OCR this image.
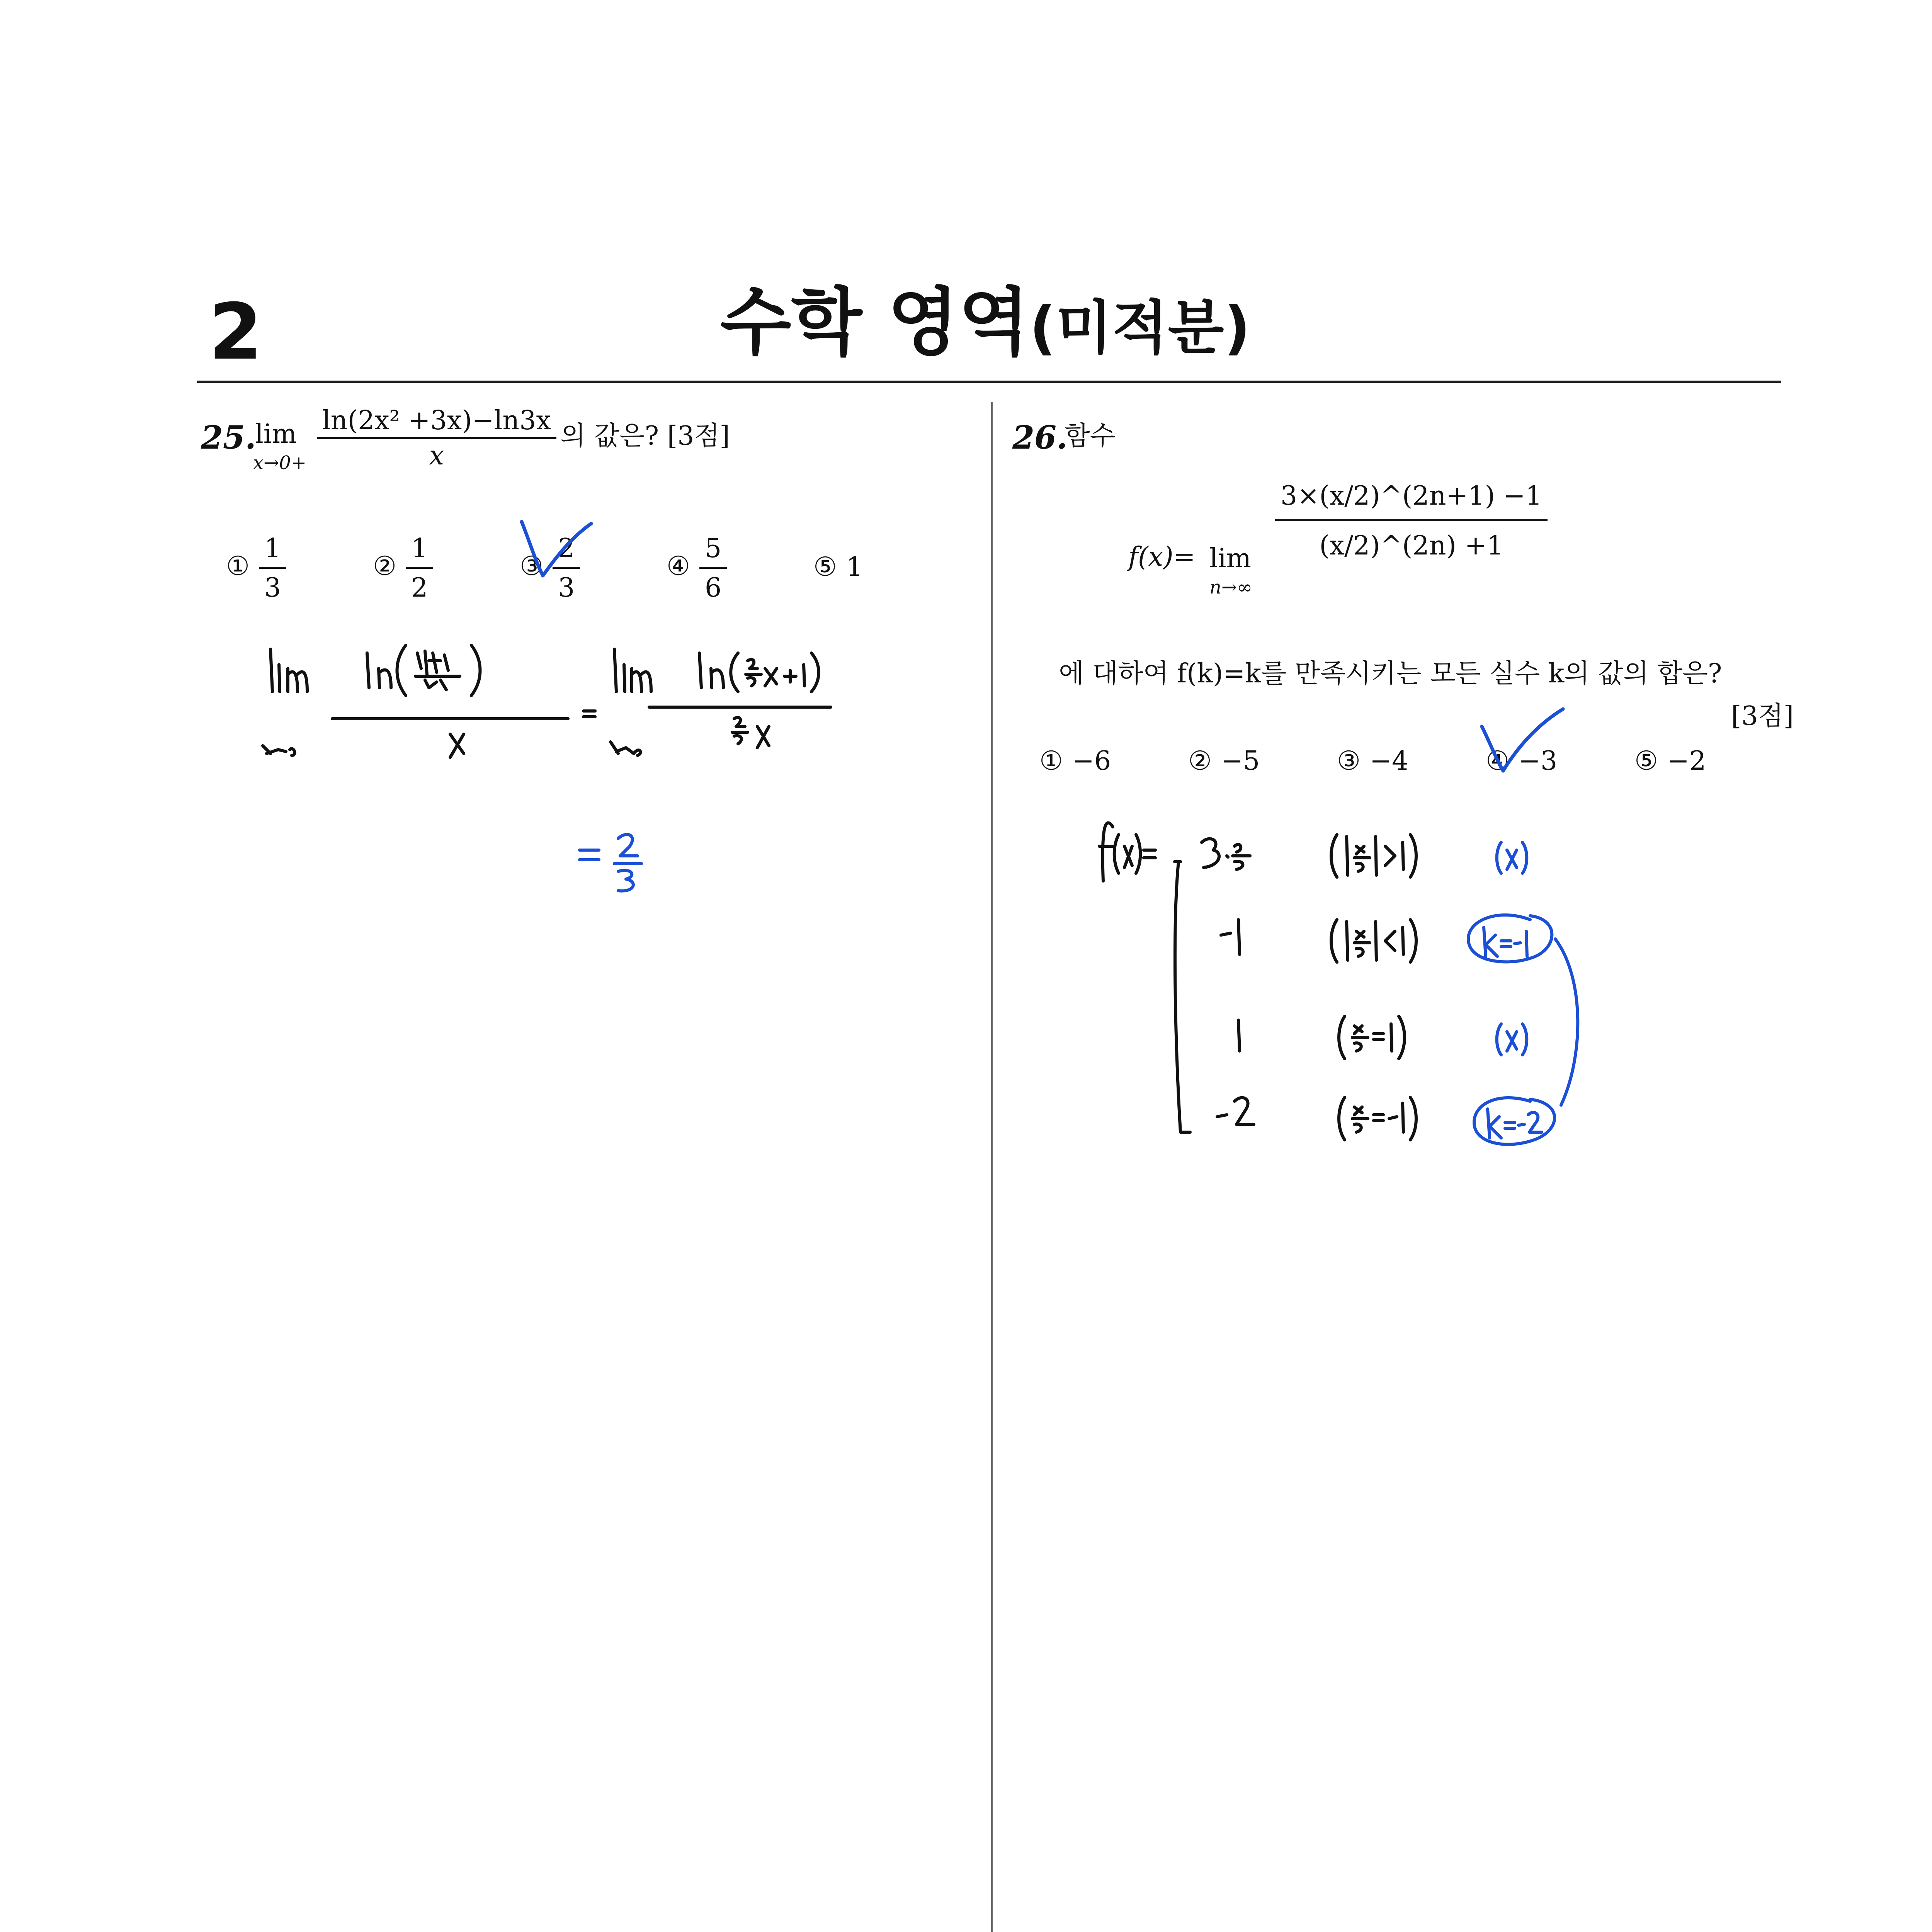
2	수학 영역(미적분)
25.
lim
$x\to 0+ \frac{\text{ln(2x² +3x)−ln3x}}{x}$ 의 값은? [3점]
① $\frac{1}{3}$	② $\frac{1}{2}$	③ $\frac{2}{3}$	④ $\frac{5}{6}$	⑤ 1
26.
함수
f(x)= lim
n→∞
$\frac{3\times(x/2)\^{}(2n+1) -1}{(x/2)\^{}(2n) +1}$
에 대하여 f(k)=k를 만족시키는 모든 실수 k의 값의 합은?
[3점]
① −6	② −5	③ −4	④ −3	⑤ −2
